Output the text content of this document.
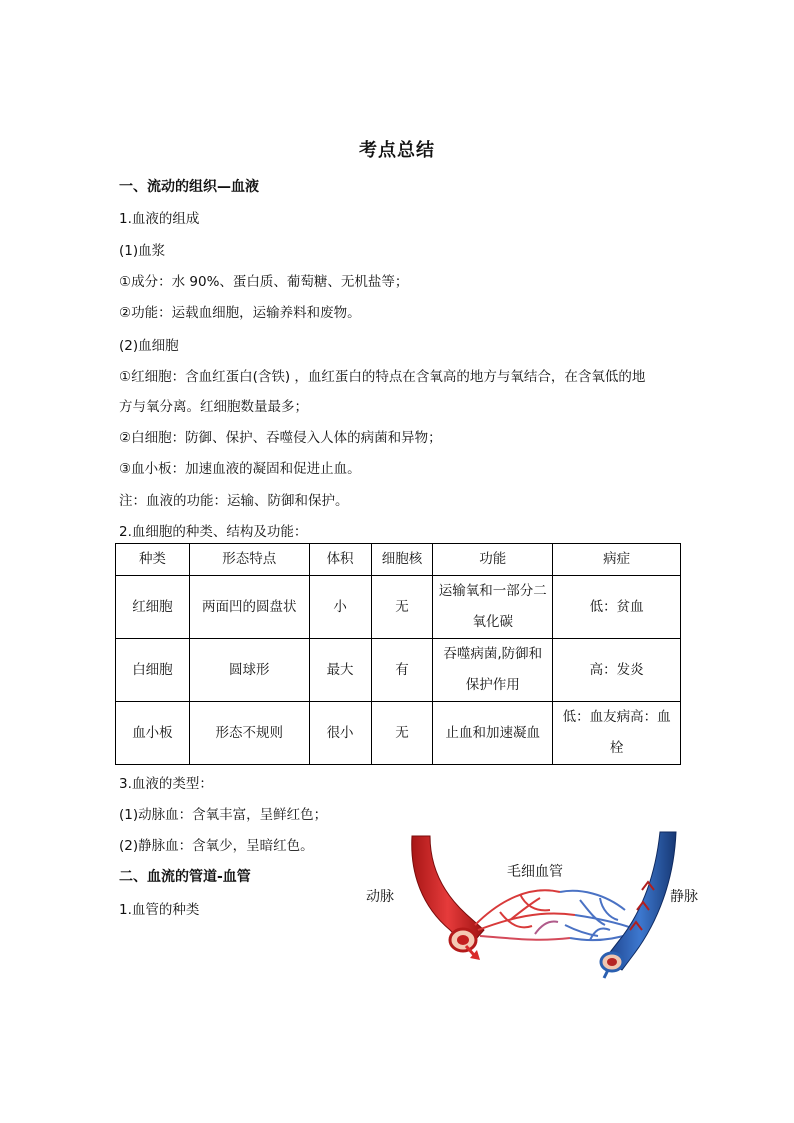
考点总结
一、流动的组织—血液
1.血液的组成
(1)血浆
①成分：水 90%、蛋白质、葡萄糖、无机盐等；
②功能：运载血细胞，运输养料和废物。
(2)血细胞
①红细胞：含血红蛋白(含铁) ，血红蛋白的特点在含氧高的地方与氧结合，在含氧低的地
方与氧分离。红细胞数量最多；
②白细胞：防御、保护、吞噬侵入人体的病菌和异物；
③血小板：加速血液的凝固和促进止血。
注：血液的功能：运输、防御和保护。
2.血细胞的种类、结构及功能：
种类	形态特点	体积	细胞核	功能	病症
红细胞	两面凹的圆盘状	小	无	运输氧和一部分二氧化碳	低：贫血
白细胞	圆球形	最大	有	吞噬病菌,防御和保护作用	高：发炎
血小板	形态不规则	很小	无	止血和加速凝血	低：血友病高：血栓
3.血液的类型：
(1)动脉血：含氧丰富，呈鲜红色；
(2)静脉血：含氧少，呈暗红色。
二、血流的管道-血管
1.血管的种类
动脉
毛细血管
静脉
